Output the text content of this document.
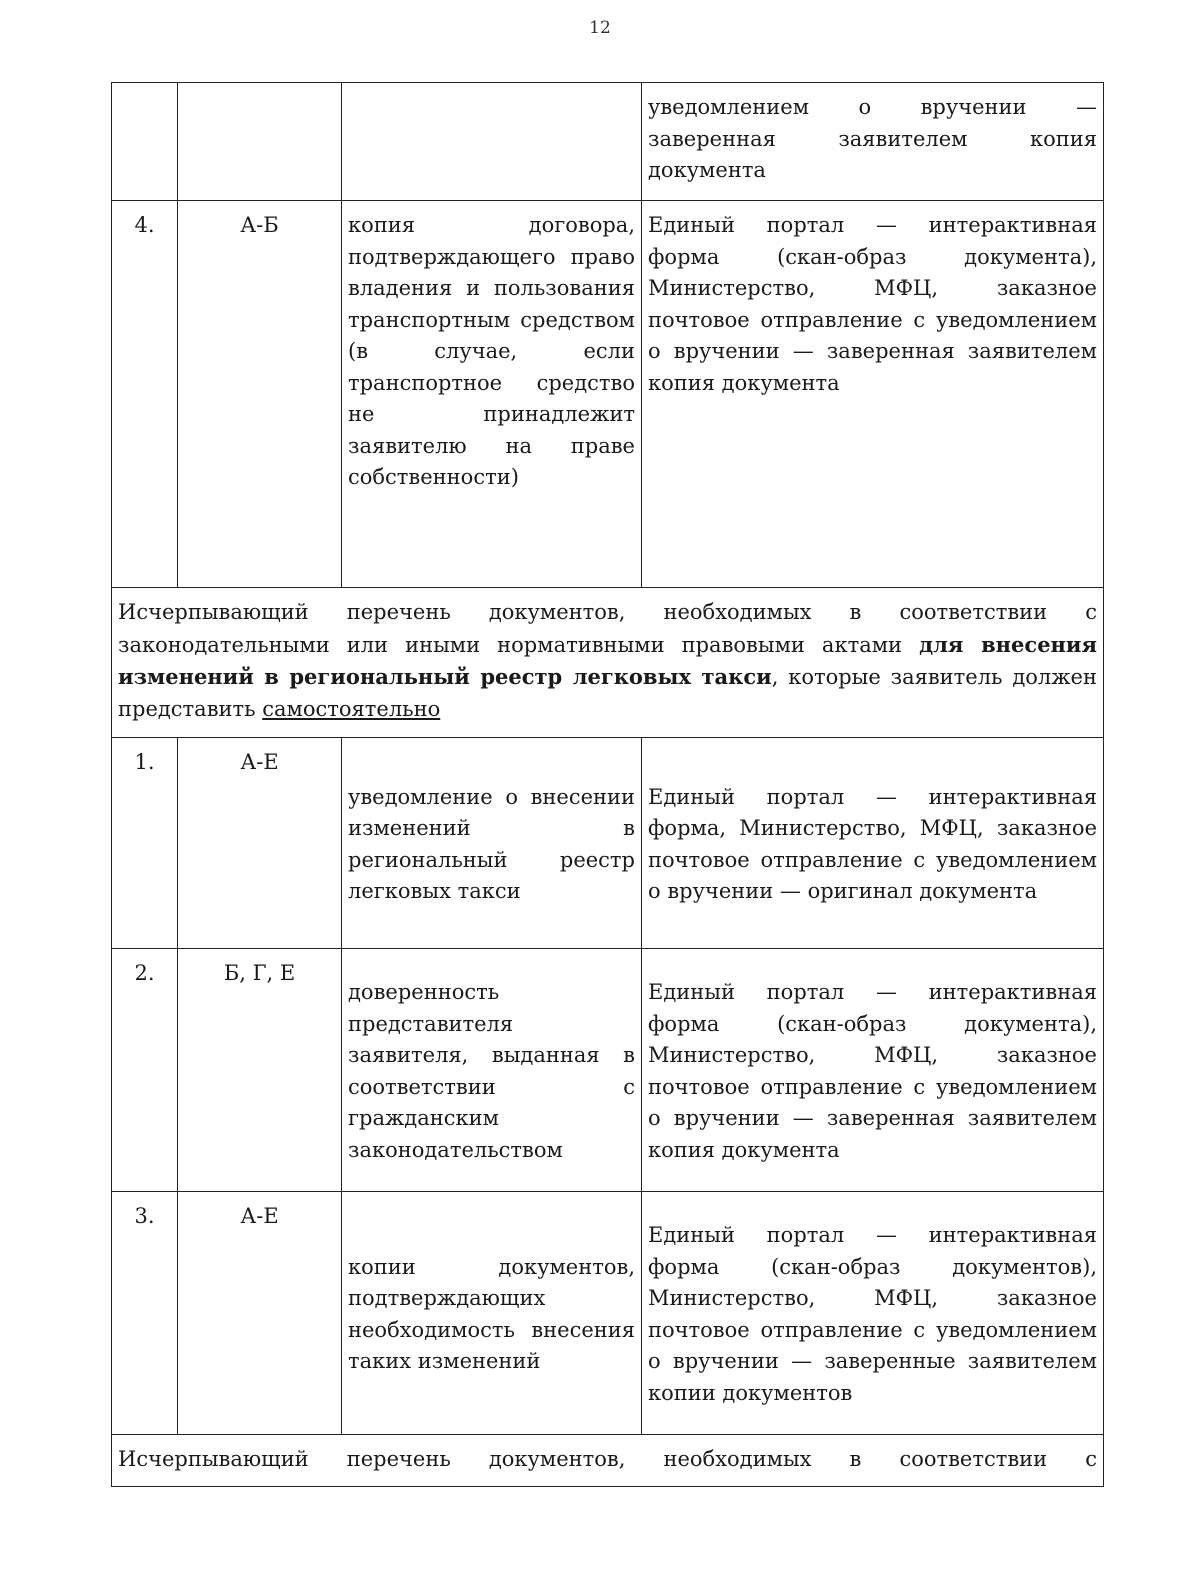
12
			уведомлением о вручении — заверенная заявителем копия документа
4.	А-Б	копия договора, подтверждающего право владения и пользования транспортным средством (в случае, если транспортное средство не принадлежит заявителю на праве собственности)	Единый портал — интерактивная форма (скан-образ документа), Министерство, МФЦ, заказное почтовое отправление с уведомлением о вручении — заверенная заявителем копия документа
Исчерпывающий перечень документов, необходимых в соответствии с законодательными или иными нормативными правовыми актами для внесения изменений в региональный реестр легковых такси, которые заявитель должен представить самостоятельно			
1.	А-Е	уведомление о внесении изменений в региональный реестр легковых такси	Единый портал — интерактивная форма, Министерство, МФЦ, заказное почтовое отправление с уведомлением о вручении — оригинал документа
2.	Б, Г, Е	доверенность представителя заявителя, выданная в соответствии с гражданским законодательством	Единый портал — интерактивная форма (скан-образ документа), Министерство, МФЦ, заказное почтовое отправление с уведомлением о вручении — заверенная заявителем копия документа
3.	А-Е	копии документов, подтверждающих необходимость внесения таких изменений	Единый портал — интерактивная форма (скан-образ документов), Министерство, МФЦ, заказное почтовое отправление с уведомлением о вручении — заверенные заявителем копии документов
Исчерпывающий перечень документов, необходимых в соответствии с			
